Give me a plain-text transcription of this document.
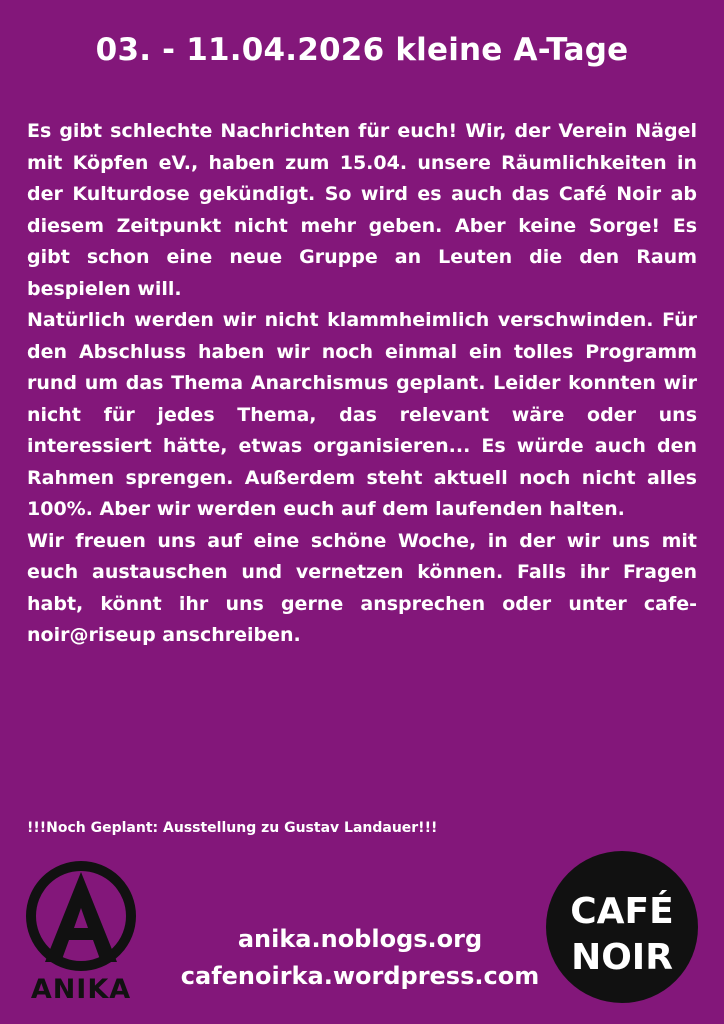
03. - 11.04.2026 kleine A-Tage

Es gibt schlechte Nachrichten für euch! Wir, der Verein Nägel mit Köpfen eV., haben zum 15.04. unsere Räumlichkeiten in der Kulturdose gekündigt. So wird es auch das Café Noir ab diesem Zeitpunkt nicht mehr geben. Aber keine Sorge! Es gibt schon eine neue Gruppe an Leuten die den Raum bespielen will.

Natürlich werden wir nicht klammheimlich verschwinden. Für den Abschluss haben wir noch einmal ein tolles Programm rund um das Thema Anarchismus geplant. Leider konnten wir nicht für jedes Thema, das relevant wäre oder uns interessiert hätte, etwas organisieren... Es würde auch den Rahmen sprengen. Außerdem steht aktuell noch nicht alles 100%. Aber wir werden euch auf dem laufenden halten.

Wir freuen uns auf eine schöne Woche, in der wir uns mit euch austauschen und vernetzen können. Falls ihr Fragen habt, könnt ihr uns gerne ansprechen oder unter cafe-noir@riseup anschreiben.

!!!Noch Geplant: Ausstellung zu Gustav Landauer!!!
ANIKA
anika.noblogs.org
cafenoirka.wordpress.com
CAFÉ
NOIR
